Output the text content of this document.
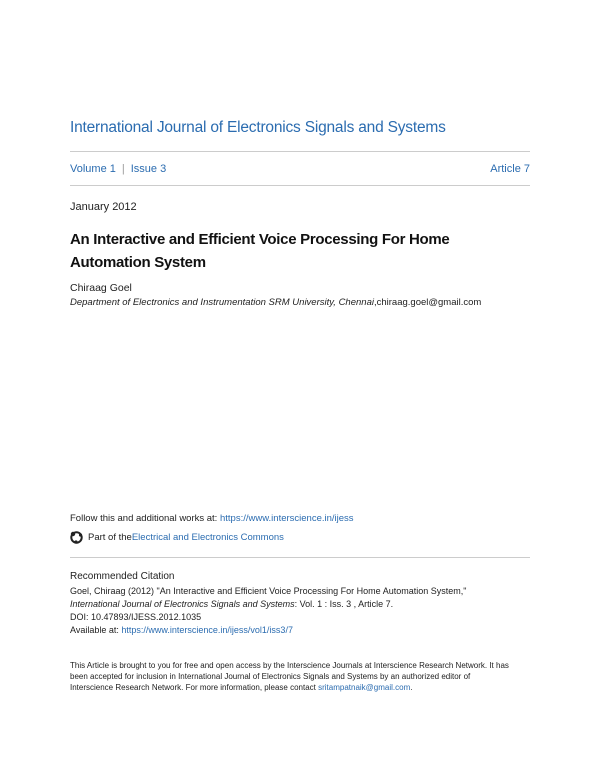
International Journal of Electronics Signals and Systems
Volume 1 | Issue 3	Article 7
January 2012
An Interactive and Efficient Voice Processing For Home Automation System
Chiraag Goel
Department of Electronics and Instrumentation SRM University, Chennai,chiraag.goel@gmail.com
Follow this and additional works at: https://www.interscience.in/ijess
Part of the Electrical and Electronics Commons
Recommended Citation
Goel, Chiraag (2012) "An Interactive and Efficient Voice Processing For Home Automation System,"
International Journal of Electronics Signals and Systems: Vol. 1 : Iss. 3 , Article 7.
DOI: 10.47893/IJESS.2012.1035
Available at: https://www.interscience.in/ijess/vol1/iss3/7
This Article is brought to you for free and open access by the Interscience Journals at Interscience Research Network. It has been accepted for inclusion in International Journal of Electronics Signals and Systems by an authorized editor of Interscience Research Network. For more information, please contact sritampatnaik@gmail.com.
